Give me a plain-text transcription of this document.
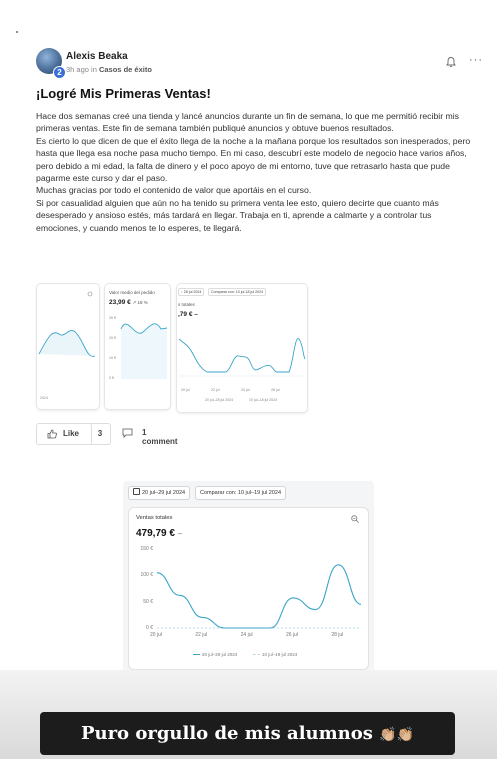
2
Alexis Beaka
3h ago in Casos de éxito
···
¡Logré Mis Primeras Ventas!

Hace dos semanas creé una tienda y lancé anuncios durante un fin de semana, lo que me permitió recibir mis primeras ventas. Este fin de semana también publiqué anuncios y obtuve buenos resultados.

Es cierto lo que dicen de que el éxito llega de la noche a la mañana porque los resultados son inesperados, pero hasta que llega esa noche pasa mucho tiempo. En mi caso, descubrí este modelo de negocio hace varios años, pero debido a mi edad, la falta de dinero y el poco apoyo de mi entorno, tuve que retrasarlo hasta que pude pagarme este curso y dar el paso.

Muchas gracias por todo el contenido de valor que aportáis en el curso.

Si por casualidad alguien que aún no ha tenido su primera venta lee esto, quiero decirte que cuanto más desesperado y ansioso estés, más tardará en llegar. Trabaja en ti, aprende a calmarte y a controlar tus emociones, y cuando menos te lo esperes, te llegará.

2024
Valor medio del pedido
23,99 € ↗ 18 %
30 €
20 €
10 €
0 €
↑ 28 jul 2024	Comparar con: 10 jul-18 jul 2024
s totales
,79 € –
20 jul	22 jul	24 jul	26 jul
20 jul–28 jul 2024	10 jul–18 jul 2024
Like	3	1 comment
20 jul–29 jul 2024	Comparar con: 10 jul–19 jul 2024
Ventas totales
479,79 € –
150 €
100 €
50 €
0 €
20 jul–29 jul 2024	10 jul–19 jul 2024
20 jul	22 jul	24 jul	26 jul	28 jul
Puro orgullo de mis alumnos 👏🏼👏🏼
